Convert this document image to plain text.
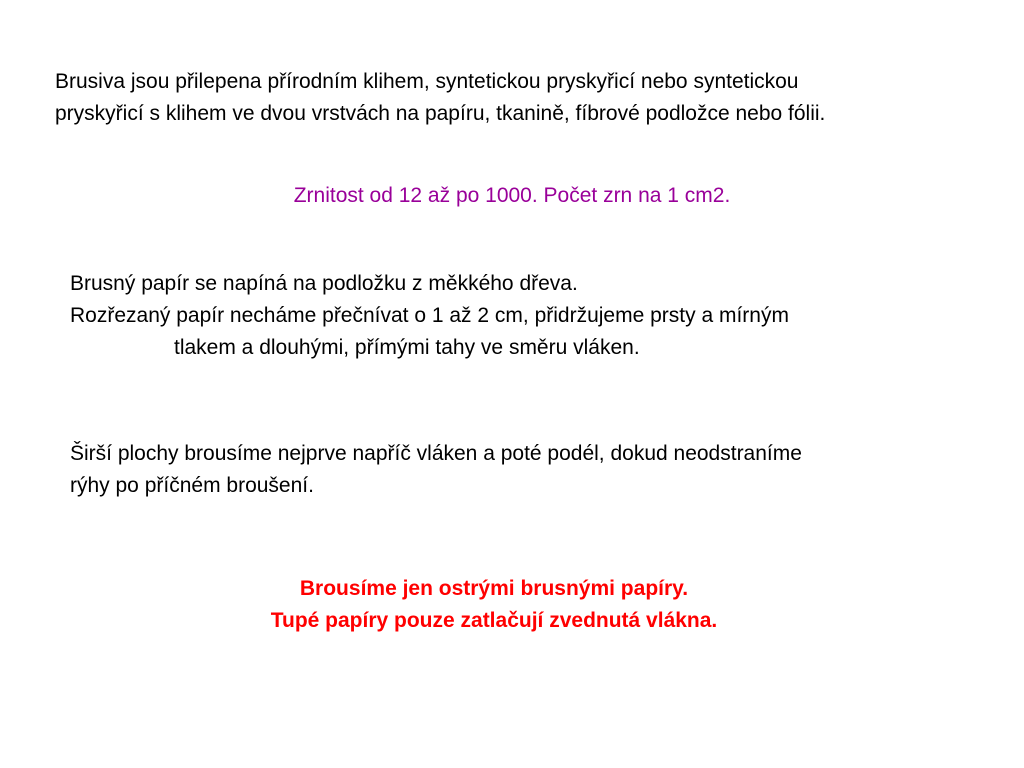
Brusiva jsou přilepena přírodním klihem, syntetickou pryskyřicí nebo syntetickou
pryskyřicí s klihem ve dvou vrstvách na papíru, tkanině, fíbrové podložce nebo fólii.
Zrnitost od 12 až po 1000. Počet zrn na 1 cm2.
Brusný papír se napíná na podložku z měkkého dřeva.
Rozřezaný papír necháme přečnívat o 1 až 2 cm, přidržujeme prsty a mírným
tlakem a dlouhými, přímými tahy ve směru vláken.
Širší plochy brousíme nejprve napříč vláken a poté podél, dokud neodstraníme
rýhy po příčném broušení.
Brousíme jen ostrými brusnými papíry.
Tupé papíry pouze zatlačují zvednutá vlákna.
